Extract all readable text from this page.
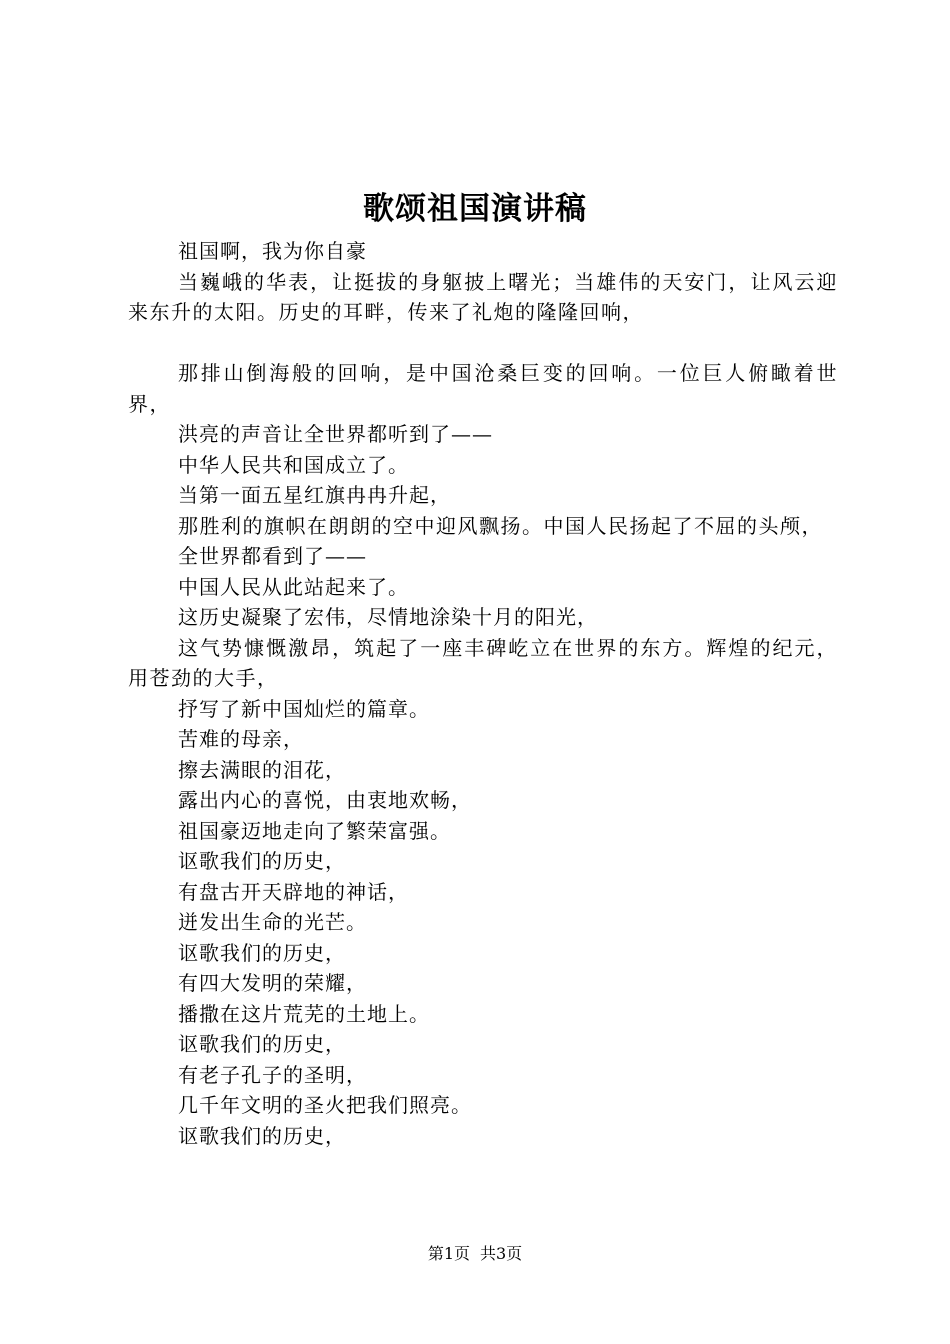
歌颂祖国演讲稿

祖国啊，我为你自豪

当巍峨的华表，让挺拔的身躯披上曙光；当雄伟的天安门，让风云迎来东升的太阳。历史的耳畔，传来了礼炮的隆隆回响，

那排山倒海般的回响，是中国沧桑巨变的回响。一位巨人俯瞰着世界，

洪亮的声音让全世界都听到了——

中华人民共和国成立了。

当第一面五星红旗冉冉升起，

那胜利的旗帜在朗朗的空中迎风飘扬。中国人民扬起了不屈的头颅，

全世界都看到了——

中国人民从此站起来了。

这历史凝聚了宏伟，尽情地涂染十月的阳光，

这气势慷慨激昂，筑起了一座丰碑屹立在世界的东方。辉煌的纪元，用苍劲的大手，

抒写了新中国灿烂的篇章。

苦难的母亲，

擦去满眼的泪花，

露出内心的喜悦，由衷地欢畅，

祖国豪迈地走向了繁荣富强。

讴歌我们的历史，

有盘古开天辟地的神话，

迸发出生命的光芒。

讴歌我们的历史，

有四大发明的荣耀，

播撒在这片荒芜的土地上。

讴歌我们的历史，

有老子孔子的圣明，

几千年文明的圣火把我们照亮。

讴歌我们的历史，

第1页 共3页
